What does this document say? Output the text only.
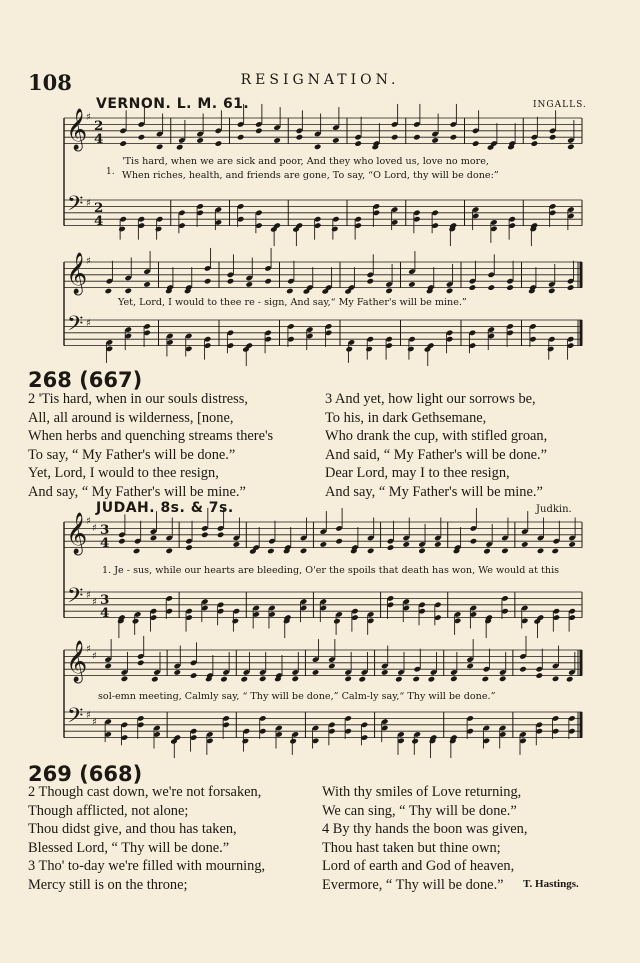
108	RESIGNATION.
VERNON. L. M. 61.	INGALLS.
𝄞
𝄢
♯
♯
2
4
2
4
𝄞
𝄢
♯
♯
𝄞
𝄢
♯
♯
♯
♯
3
4
3
4
𝄞
𝄢
♯
♯
♯
♯
1.
'Tis hard, when we are sick and poor, And they who loved us, love no more,
When riches, health, and friends are gone, To say, “O Lord, thy will be done:”
Yet, Lord, I would to thee re - sign, And say,“ My Father's will be mine.”
268 (667)
2 'Tis hard, when in our souls distress,
All, all around is wilderness, [none,
When herbs and quenching streams there's
To say, “ My Father's will be done.”
Yet, Lord, I would to thee resign,
And say, “ My Father's will be mine.”
3 And yet, how light our sorrows be,
To his, in dark Gethsemane,
Who drank the cup, with stifled groan,
And said, “ My Father's will be done.”
Dear Lord, may I to thee resign,
And say, “ My Father's will be mine.”
JUDAH. 8s. & 7s.	Judkin.
1. Je - sus, while our hearts are bleeding, O'er the spoils that death has won, We would at this
sol-emn meeting, Calmly say, “ Thy will be done,” Calm-ly say,“ Thy will be done.”
269 (668)
2 Though cast down, we're not forsaken,
Though afflicted, not alone;
Thou didst give, and thou has taken,
Blessed Lord, “ Thy will be done.”
3 Tho' to-day we're filled with mourning,
Mercy still is on the throne;
With thy smiles of Love returning,
We can sing, “ Thy will be done.”
4 By thy hands the boon was given,
Thou hast taken but thine own;
Lord of earth and God of heaven,
Evermore, “ Thy will be done.”	T. Hastings.
